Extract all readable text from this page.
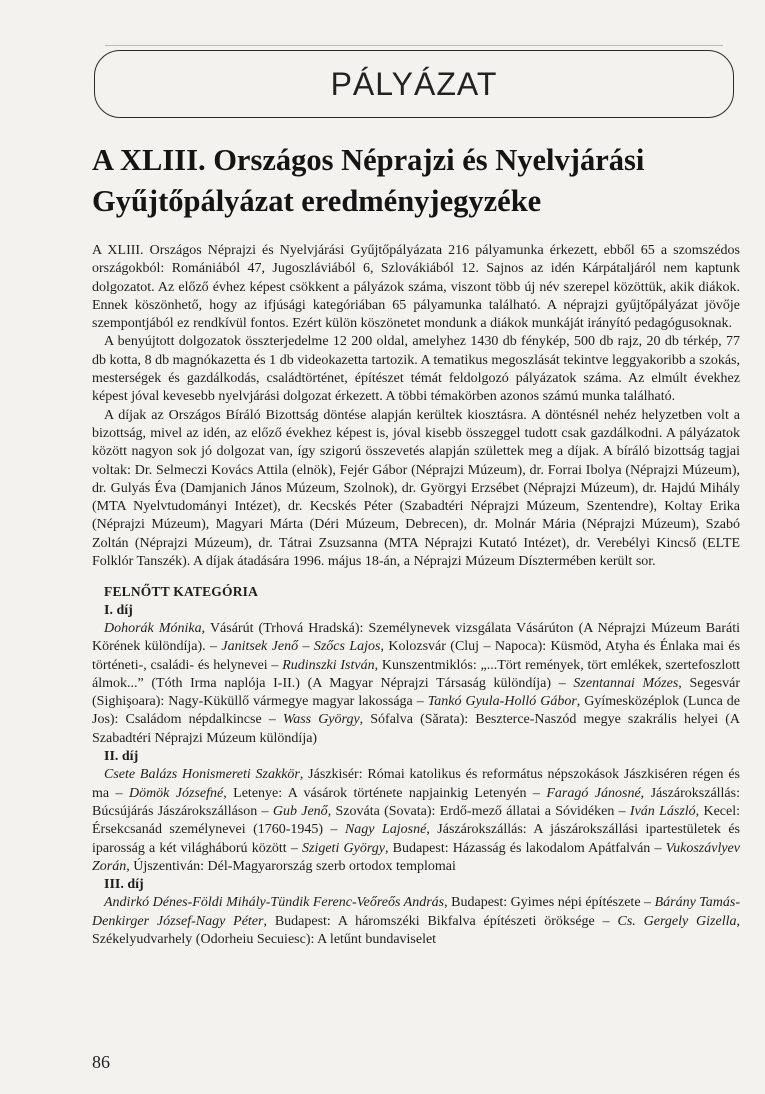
PÁLYÁZAT
A XLIII. Országos Néprajzi és Nyelvjárási
Gyűjtőpályázat eredményjegyzéke

A XLIII. Országos Néprajzi és Nyelvjárási Gyűjtőpályázata 216 pályamunka érkezett, ebből 65 a szomszédos országokból: Romániából 47, Jugoszláviából 6, Szlovákiából 12. Sajnos az idén Kárpátaljáról nem kaptunk dolgozatot. Az előző évhez képest csökkent a pályázok száma, viszont több új név szerepel közöttük, akik diákok. Ennek köszönhető, hogy az ifjúsági kategóriában 65 pályamunka található. A néprajzi gyűjtőpályázat jövője szempontjából ez rendkívül fontos. Ezért külön köszönetet mondunk a diákok munkáját irányító pedagógusoknak.

A benyújtott dolgozatok összterjedelme 12 200 oldal, amelyhez 1430 db fénykép, 500 db rajz, 20 db térkép, 77 db kotta, 8 db magnókazetta és 1 db videokazetta tartozik. A tematikus megoszlását tekintve leggyakoribb a szokás, mesterségek és gazdálkodás, családtörténet, építészet témát feldolgozó pályázatok száma. Az elmúlt évekhez képest jóval kevesebb nyelvjárási dolgozat érkezett. A többi témakörben azonos számú munka található.

A díjak az Országos Bíráló Bizottság döntése alapján kerültek kiosztásra. A döntésnél nehéz helyzetben volt a bizottság, mivel az idén, az előző évekhez képest is, jóval kisebb összeggel tudott csak gazdálkodni. A pályázatok között nagyon sok jó dolgozat van, így szigorú összevetés alapján születtek meg a díjak. A bíráló bizottság tagjai voltak: Dr. Selmeczi Kovács Attila (elnök), Fejér Gábor (Néprajzi Múzeum), dr. Forrai Ibolya (Néprajzi Múzeum), dr. Gulyás Éva (Damjanich János Múzeum, Szolnok), dr. Györgyi Erzsébet (Néprajzi Múzeum), dr. Hajdú Mihály (MTA Nyelvtudományi Intézet), dr. Kecskés Péter (Szabadtéri Néprajzi Múzeum, Szentendre), Koltay Erika (Néprajzi Múzeum), Magyari Márta (Déri Múzeum, Debrecen), dr. Molnár Mária (Néprajzi Múzeum), Szabó Zoltán (Néprajzi Múzeum), dr. Tátrai Zsuzsanna (MTA Néprajzi Kutató Intézet), dr. Verebélyi Kincső (ELTE Folklór Tanszék). A díjak átadására 1996. május 18-án, a Néprajzi Múzeum Dísztermében került sor.

FELNŐTT KATEGÓRIA
I. díj

Dohorák Mónika, Vásárút (Trhová Hradská): Személynevek vizsgálata Vásárúton (A Néprajzi Múzeum Baráti Körének különdíja). – Janitsek Jenő – Szőcs Lajos, Kolozsvár (Cluj – Napoca): Küsmöd, Atyha és Énlaka mai és történeti-, családi- és helynevei – Rudinszki István, Kunszentmiklós: „...Tört remények, tört emlékek, szertefoszlott álmok...” (Tóth Irma naplója I-II.) (A Magyar Néprajzi Társaság különdíja) – Szentannai Mózes, Segesvár (Sighişoara): Nagy-Küküllő vármegye magyar lakossága – Tankó Gyula-Holló Gábor, Gyímesközéplok (Lunca de Jos): Családom népdalkincse – Wass György, Sófalva (Sărata): Beszterce-Naszód megye szakrális helyei (A Szabadtéri Néprajzi Múzeum különdíja)

II. díj

Csete Balázs Honismereti Szakkör, Jászkisér: Római katolikus és református népszokások Jászkiséren régen és ma – Dömök Józsefné, Letenye: A vásárok története napjainkig Letenyén – Faragó Jánosné, Jászárokszállás: Búcsújárás Jászárokszálláson – Gub Jenő, Szováta (Sovata): Erdő-mező állatai a Sóvidéken – Iván László, Kecel: Érsekcsanád személynevei (1760-1945) – Nagy Lajosné, Jászárokszállás: A jászárokszállási ipartestületek és iparosság a két világháború között – Szigeti György, Budapest: Házasság és lakodalom Apátfalván – Vukoszávlyev Zorán, Újszentiván: Dél-Magyarország szerb ortodox templomai

III. díj

Andirkó Dénes-Földi Mihály-Tündik Ferenc-Veőreős András, Budapest: Gyimes népi építészete – Bárány Tamás-Denkirger József-Nagy Péter, Budapest: A háromszéki Bikfalva építészeti öröksége – Cs. Gergely Gizella, Székelyudvarhely (Odorheiu Secuiesc): A letűnt bundaviselet

86
